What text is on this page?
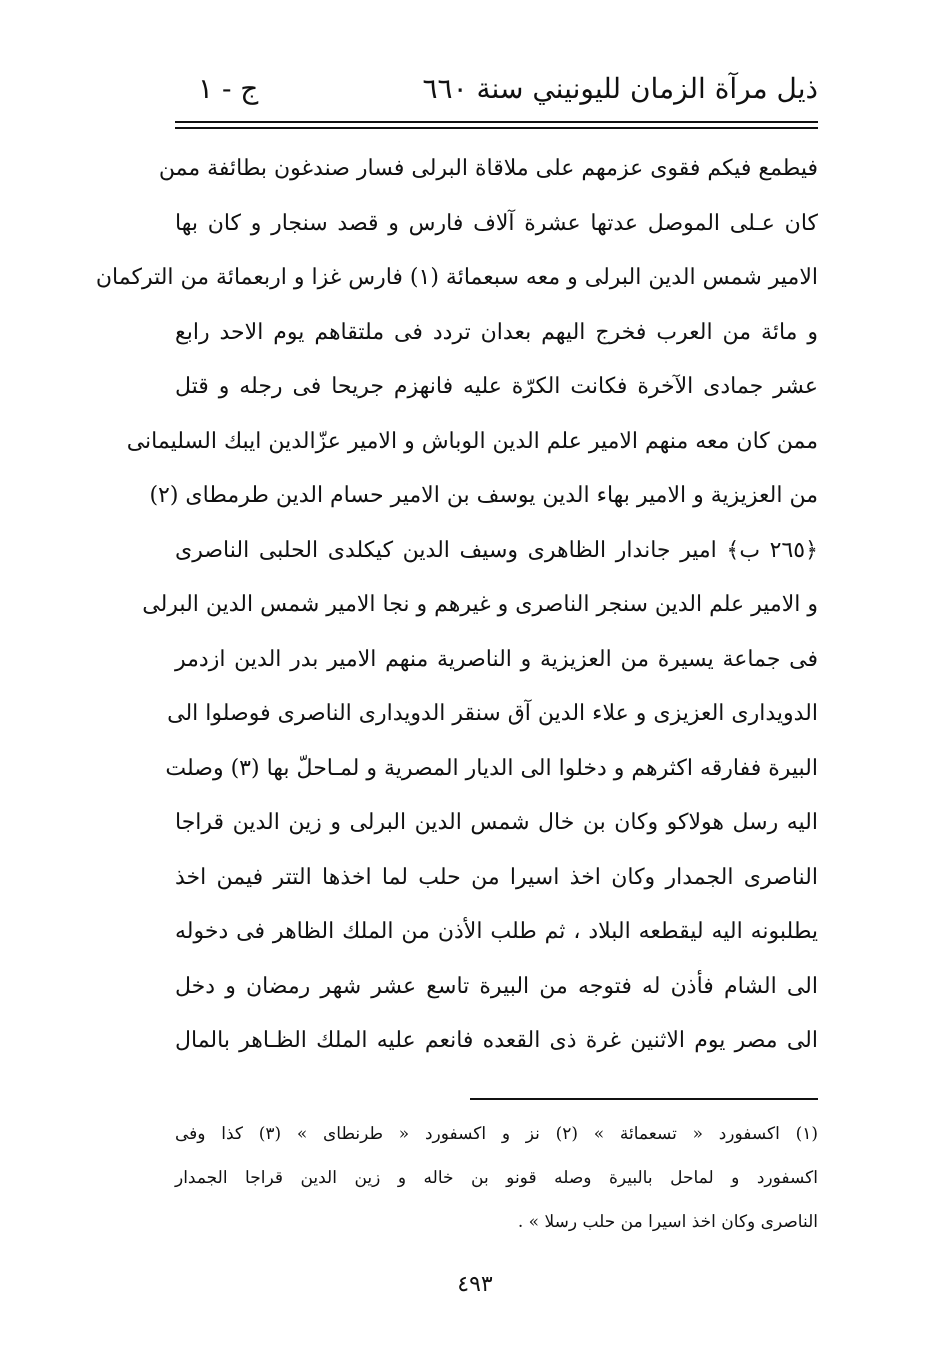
ذيل مرآة الزمان لليونيني سنة ٦٦٠
ج - ١
فيطمع فيكم فقوى عزمهم على ملاقاة البرلى فسار صندغون بطائفة ممن
كان عـلى الموصل عدتها عشرة آلاف فارس و قصد سنجار و كان بها
الامير شمس الدين البرلى و معه سبعمائة (١) فارس غزا و اربعمائة من التركمان
و مائة من العرب فخرج اليهم بعدان تردد فى ملتقاهم يوم الاحد رابع
عشر جمادى الآخرة فكانت الكرّة عليه فانهزم جريحا فى رجله و قتل
ممن كان معه منهم الامير علم الدين الوباش و الامير عزّالدين ايبك السليمانى
من العزيزية و الامير بهاء الدين يوسف بن الامير حسام الدين طرمطاى (٢)
﴿٢٦٥ ب﴾ امير جاندار الظاهرى وسيف الدين كيكلدى الحلبى الناصرى
و الامير علم الدين سنجر الناصرى و غيرهم و نجا الامير شمس الدين البرلى
فى جماعة يسيرة من العزيزية و الناصرية منهم الامير بدر الدين ازدمر
الدويدارى العزيزى و علاء الدين آق سنقر الدويدارى الناصرى فوصلوا الى
البيرة ففارقه اكثرهم و دخلوا الى الديار المصرية و لمـاحلّ بها (٣) وصلت
اليه رسل هولاكو وكان بن خال شمس الدين البرلى و زين الدين قراجا
الناصرى الجمدار وكان اخذ اسيرا من حلب لما اخذها التتر فيمن اخذ
يطلبونه اليه ليقطعه البلاد ، ثم طلب الأذن من الملك الظاهر فى دخوله
الى الشام فأذن له فتوجه من البيرة تاسع عشر شهر رمضان و دخل
الى مصر يوم الاثنين غرة ذى القعده فانعم عليه الملك الظـاهر بالمال
(١) اكسفورد « تسعمائة » (٢) نز و اكسفورد « طرنطاى » (٣) كذا وفى
اكسفورد و لماحل بالبيرة وصله قونو بن خاله و زين الدين قراجا الجمدار
الناصرى وكان اخذ اسيرا من حلب رسلا » .
٤٩٣
